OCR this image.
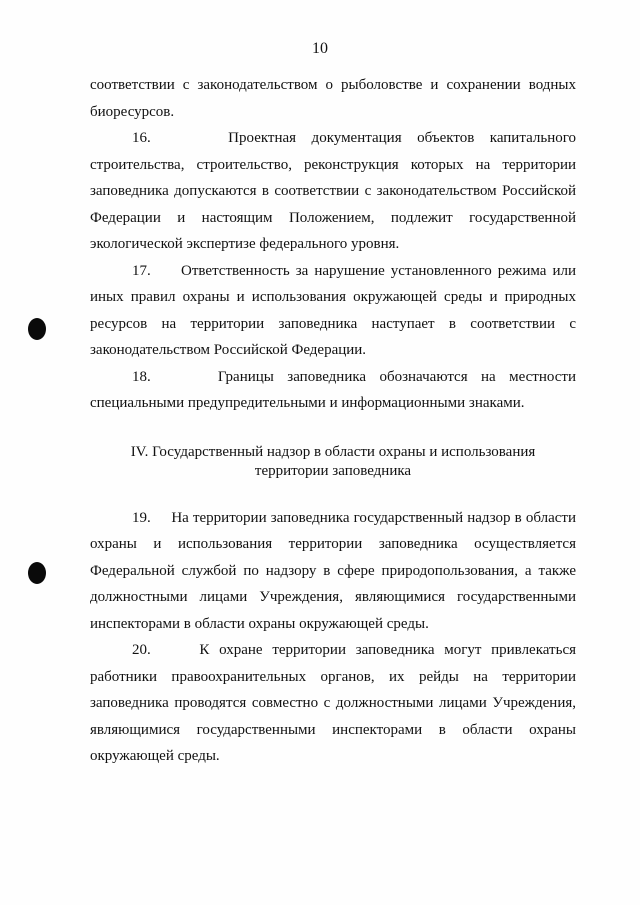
10

соответствии с законодательством о рыболовстве и сохранении водных биоресурсов.

16.	Проектная документация объектов капитального строительства, строительство, реконструкция которых на территории заповедника допускаются в соответствии с законодательством Российской Федерации и настоящим Положением, подлежит государственной экологической экспертизе федерального уровня.

17. Ответственность за нарушение установленного режима или иных правил охраны и использования окружающей среды и природных ресурсов на территории заповедника наступает в соответствии с законодательством Российской Федерации.

18.	Границы заповедника обозначаются на местности специальными предупредительными и информационными знаками.

IV. Государственный надзор в области охраны и использования

территории заповедника

19. На территории заповедника государственный надзор в области охраны и использования территории заповедника осуществляется Федеральной службой по надзору в сфере природопользования, а также должностными лицами Учреждения, являющимися государственными инспекторами в области охраны окружающей среды.

20.	К охране территории заповедника могут привлекаться работники правоохранительных органов, их рейды на территории заповедника проводятся совместно с должностными лицами Учреждения, являющимися государственными инспекторами в области охраны окружающей среды.
